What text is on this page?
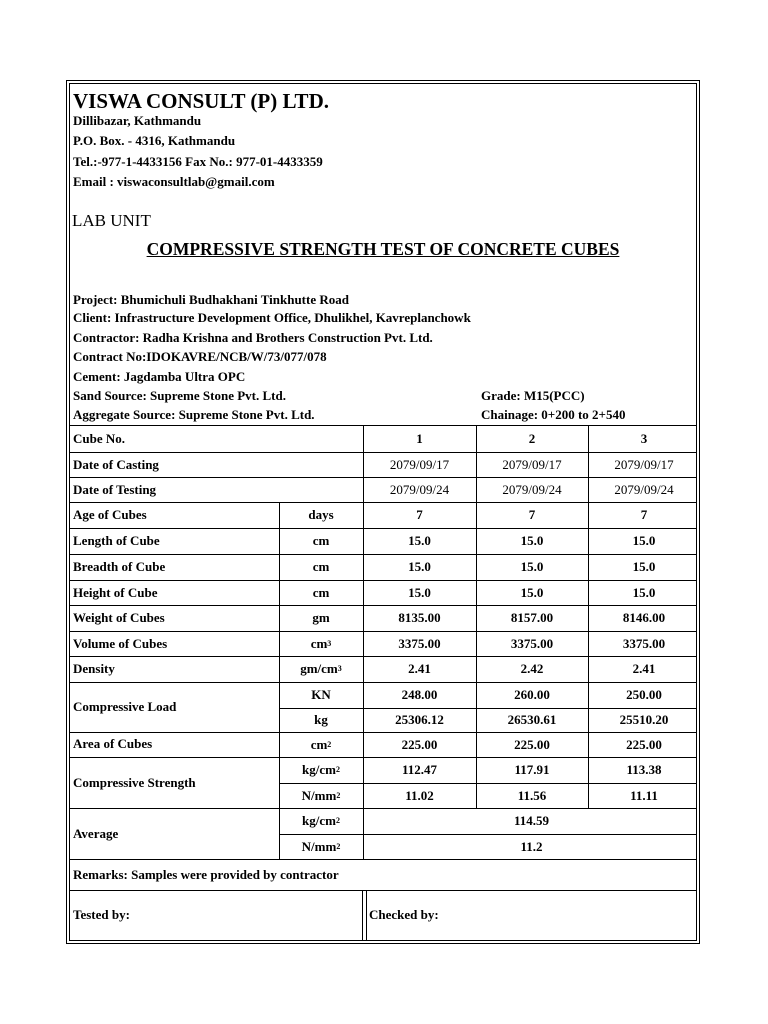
VISWA CONSULT (P) LTD.
Dillibazar, Kathmandu
P.O. Box. - 4316, Kathmandu
Tel.:-977-1-4433156 Fax No.: 977-01-4433359
Email : viswaconsultlab@gmail.com
LAB UNIT
COMPRESSIVE STRENGTH TEST OF CONCRETE CUBES
Project: Bhumichuli Budhakhani Tinkhutte Road
Client: Infrastructure Development Office, Dhulikhel, Kavreplanchowk
Contractor: Radha Krishna and Brothers Construction Pvt. Ltd.
Contract No:IDOKAVRE/NCB/W/73/077/078
Cement: Jagdamba Ultra OPC
Sand Source: Supreme Stone Pvt. Ltd.
Aggregate Source: Supreme Stone Pvt. Ltd.
Grade: M15(PCC)
Chainage: 0+200 to 2+540
Cube No.	1	2	3
Date of Casting	2079/09/17	2079/09/17	2079/09/17
Date of Testing	2079/09/24	2079/09/24	2079/09/24
Age of Cubes	days	7	7	7
Length of Cube	cm	15.0	15.0	15.0
Breadth of Cube	cm	15.0	15.0	15.0
Height of Cube	cm	15.0	15.0	15.0
Weight of Cubes	gm	8135.00	8157.00	8146.00
Volume of Cubes	cm 3	3375.00	3375.00	3375.00
Density	gm/cm 3	2.41	2.42	2.41
Compressive Load
KN	248.00	260.00	250.00
kg	25306.12	26530.61	25510.20
Area of Cubes	cm 2	225.00	225.00	225.00
Compressive Strength
kg/cm 2	112.47	117.91	113.38
N/mm 2	11.02	11.56	11.11
Average
kg/cm 2	114.59
N/mm 2	11.2
Remarks: Samples were provided by contractor
Tested by:	Checked by:
